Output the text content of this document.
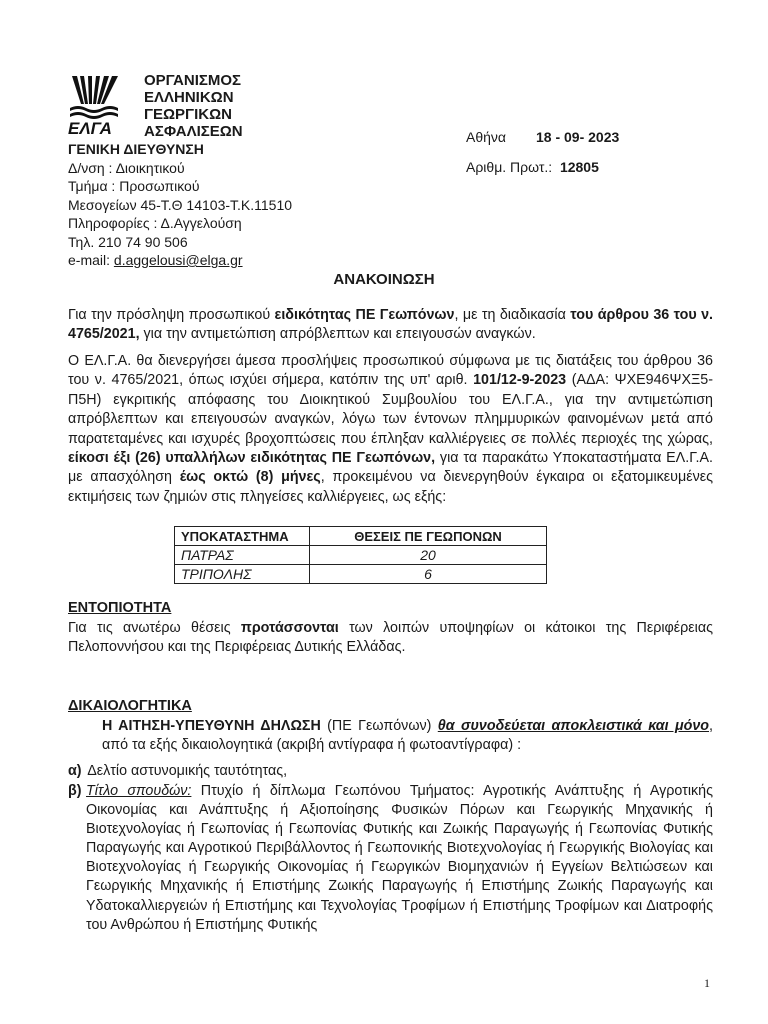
ΕΛΓΑ
ΟΡΓΑΝΙΣΜΟΣ
ΕΛΛΗΝΙΚΩΝ
ΓΕΩΡΓΙΚΩΝ
ΑΣΦΑΛΙΣΕΩΝ
ΓΕΝΙΚΗ ΔΙΕΥΘΥΝΣΗ
Δ/νση : Διοικητικού
Τμήμα : Προσωπικού
Μεσογείων 45-Τ.Θ 14103-Τ.Κ.11510
Πληροφορίες : Δ.Αγγελούση
Τηλ. 210 74 90 506
e-mail: d.aggelousi@elga.gr
Αθήνα 18 - 09- 2023
Αριθμ. Πρωτ.: 12805
ΑΝΑΚΟΙΝΩΣΗ
Για την πρόσληψη προσωπικού ειδικότητας ΠΕ Γεωπόνων, με τη διαδικασία του άρθρου 36 του ν. 4765/2021, για την αντιμετώπιση απρόβλεπτων και επειγουσών αναγκών.
Ο ΕΛ.Γ.Α. θα διενεργήσει άμεσα προσλήψεις προσωπικού σύμφωνα με τις διατάξεις του άρθρου 36 του ν. 4765/2021, όπως ισχύει σήμερα, κατόπιν της υπ' αριθ. 101/12-9-2023 (ΑΔΑ: ΨΧΕ946ΨΧΞ5-Π5Η) εγκριτικής απόφασης του Διοικητικού Συμβουλίου του ΕΛ.Γ.Α., για την αντιμετώπιση απρόβλεπτων και επειγουσών αναγκών, λόγω των έντονων πλημμυρικών φαινομένων μετά από παρατεταμένες και ισχυρές βροχοπτώσεις που έπληξαν καλλιέργειες σε πολλές περιοχές της χώρας, είκοσι έξι (26) υπαλλήλων ειδικότητας ΠΕ Γεωπόνων, για τα παρακάτω Υποκαταστήματα ΕΛ.Γ.Α. με απασχόληση έως οκτώ (8) μήνες, προκειμένου να διενεργηθούν έγκαιρα οι εξατομικευμένες εκτιμήσεις των ζημιών στις πληγείσες καλλιέργειες, ως εξής:
ΥΠΟΚΑΤΑΣΤΗΜΑ	ΘΕΣΕΙΣ ΠΕ ΓΕΩΠΟΝΩΝ
ΠΑΤΡΑΣ	20
ΤΡΙΠΟΛΗΣ	6
ΕΝΤΟΠΙΟΤΗΤΑ
Για τις ανωτέρω θέσεις προτάσσονται των λοιπών υποψηφίων οι κάτοικοι της Περιφέρειας Πελοποννήσου και της Περιφέρειας Δυτικής Ελλάδας.
ΔΙΚΑΙΟΛΟΓΗΤΙΚΑ
Η ΑΙΤΗΣΗ-ΥΠΕΥΘΥΝΗ ΔΗΛΩΣΗ (ΠΕ Γεωπόνων) θα συνοδεύεται αποκλειστικά και μόνο, από τα εξής δικαιολογητικά (ακριβή αντίγραφα ή φωτοαντίγραφα) :
α) Δελτίο αστυνομικής ταυτότητας,
β) Τίτλο σπουδών: Πτυχίο ή δίπλωμα Γεωπόνου Τμήματος: Αγροτικής Ανάπτυξης ή Αγροτικής Οικονομίας και Ανάπτυξης ή Αξιοποίησης Φυσικών Πόρων και Γεωργικής Μηχανικής ή Βιοτεχνολογίας ή Γεωπονίας ή Γεωπονίας Φυτικής και Ζωικής Παραγωγής ή Γεωπονίας Φυτικής Παραγωγής και Αγροτικού Περιβάλλοντος ή Γεωπονικής Βιοτεχνολογίας ή Γεωργικής Βιολογίας και Βιοτεχνολογίας ή Γεωργικής Οικονομίας ή Γεωργικών Βιομηχανιών ή Εγγείων Βελτιώσεων και Γεωργικής Μηχανικής ή Επιστήμης Ζωικής Παραγωγής ή Επιστήμης Ζωικής Παραγωγής και Υδατοκαλλιεργειών ή Επιστήμης και Τεχνολογίας Τροφίμων ή Επιστήμης Τροφίμων και Διατροφής του Ανθρώπου ή Επιστήμης Φυτικής
1
